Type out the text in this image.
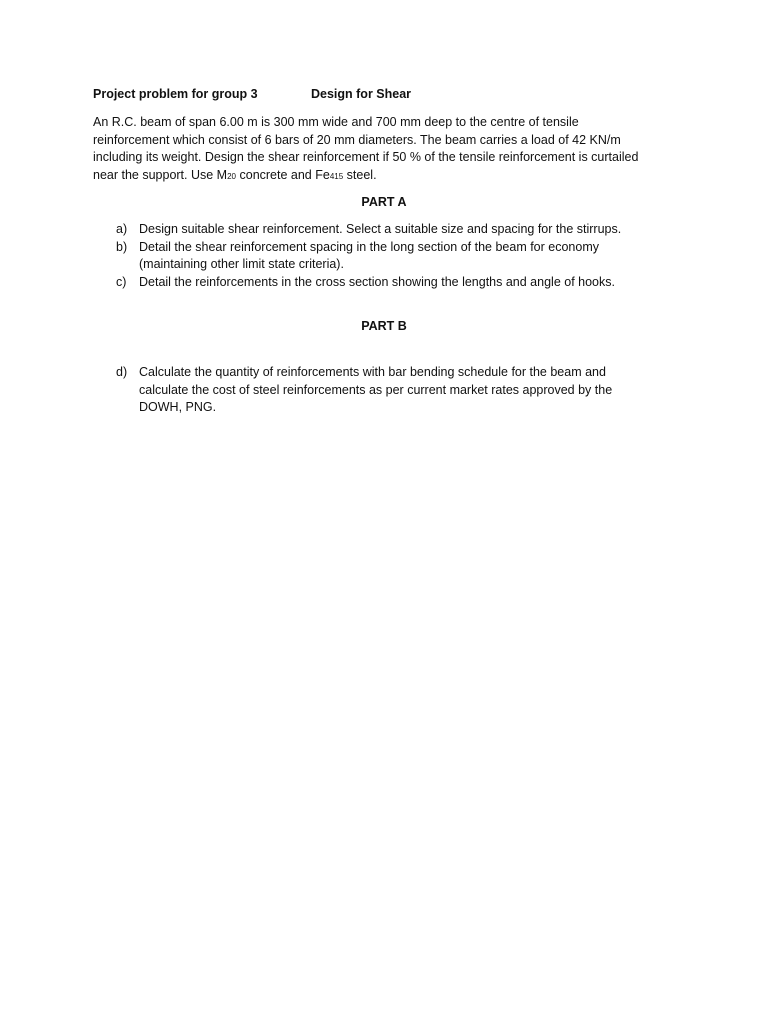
Project problem for group 3	Design for Shear
An R.C. beam of span 6.00 m is 300 mm wide and 700 mm deep to the centre of tensile
reinforcement which consist of 6 bars of 20 mm diameters. The beam carries a load of 42 KN/m
including its weight. Design the shear reinforcement if 50 % of the tensile reinforcement is curtailed
near the support. Use M20 concrete and Fe415 steel.
PART A
a) Design suitable shear reinforcement. Select a suitable size and spacing for the stirrups.
b) Detail the shear reinforcement spacing in the long section of the beam for economy
(maintaining other limit state criteria).
c) Detail the reinforcements in the cross section showing the lengths and angle of hooks.
PART B
d) Calculate the quantity of reinforcements with bar bending schedule for the beam and
calculate the cost of steel reinforcements as per current market rates approved by the
DOWH, PNG.
